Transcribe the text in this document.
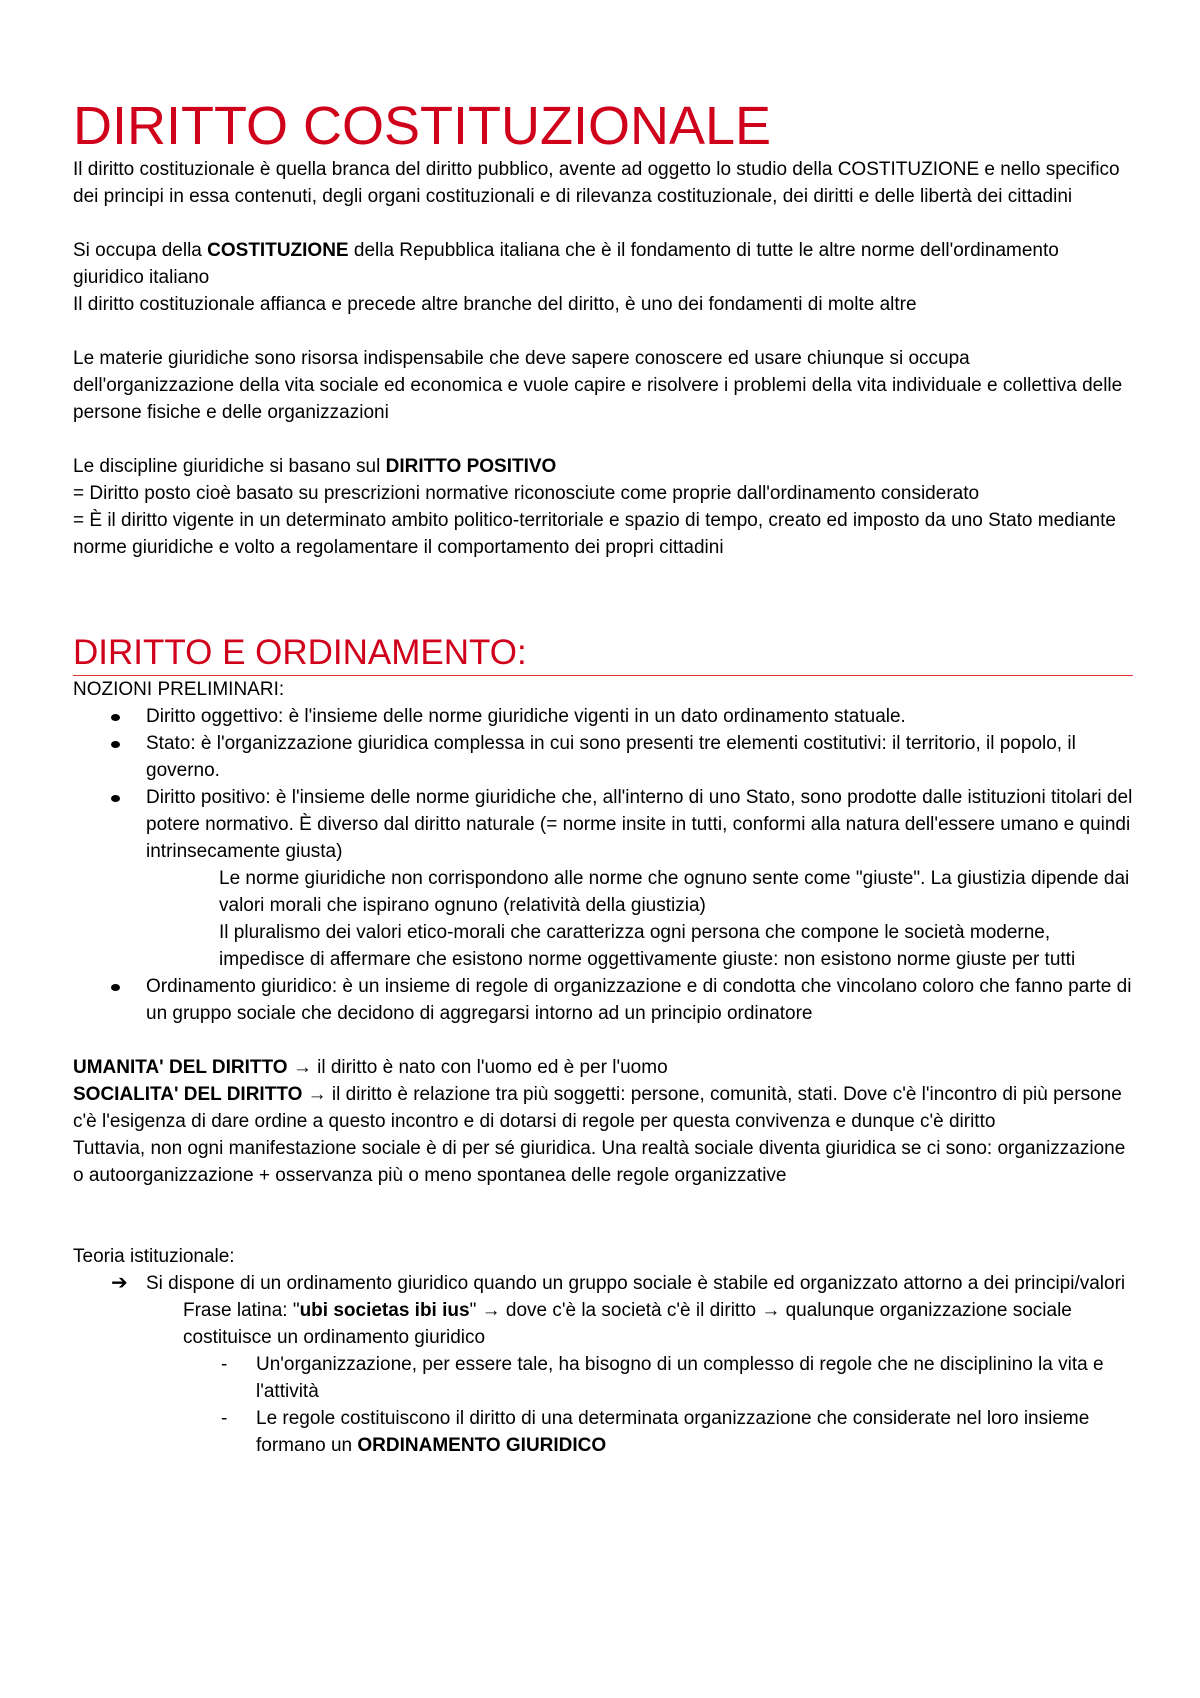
DIRITTO COSTITUZIONALE

Il diritto costituzionale è quella branca del diritto pubblico, avente ad oggetto lo studio della COSTITUZIONE e nello specifico dei principi in essa contenuti, degli organi costituzionali e di rilevanza costituzionale, dei diritti e delle libertà dei cittadini

Si occupa della COSTITUZIONE della Repubblica italiana che è il fondamento di tutte le altre norme dell'ordinamento giuridico italiano

Il diritto costituzionale affianca e precede altre branche del diritto, è uno dei fondamenti di molte altre

Le materie giuridiche sono risorsa indispensabile che deve sapere conoscere ed usare chiunque si occupa dell'organizzazione della vita sociale ed economica e vuole capire e risolvere i problemi della vita individuale e collettiva delle persone fisiche e delle organizzazioni

Le discipline giuridiche si basano sul DIRITTO POSITIVO

= Diritto posto cioè basato su prescrizioni normative riconosciute come proprie dall'ordinamento considerato

= È il diritto vigente in un determinato ambito politico-territoriale e spazio di tempo, creato ed imposto da uno Stato mediante norme giuridiche e volto a regolamentare il comportamento dei propri cittadini

DIRITTO E ORDINAMENTO:

NOZIONI PRELIMINARI:

Diritto oggettivo: è l'insieme delle norme giuridiche vigenti in un dato ordinamento statuale.
Stato: è l'organizzazione giuridica complessa in cui sono presenti tre elementi costitutivi: il territorio, il popolo, il governo.
Diritto positivo: è l'insieme delle norme giuridiche che, all'interno di uno Stato, sono prodotte dalle istituzioni titolari del potere normativo. È diverso dal diritto naturale (= norme insite in tutti, conformi alla natura dell'essere umano e quindi intrinsecamente giusta)

Le norme giuridiche non corrispondono alle norme che ognuno sente come "giuste". La giustizia dipende dai valori morali che ispirano ognuno (relatività della giustizia)

Il pluralismo dei valori etico-morali che caratterizza ogni persona che compone le società moderne, impedisce di affermare che esistono norme oggettivamente giuste: non esistono norme giuste per tutti

Ordinamento giuridico: è un insieme di regole di organizzazione e di condotta che vincolano coloro che fanno parte di un gruppo sociale che decidono di aggregarsi intorno ad un principio ordinatore

UMANITA' DEL DIRITTO → il diritto è nato con l'uomo ed è per l'uomo

SOCIALITA' DEL DIRITTO → il diritto è relazione tra più soggetti: persone, comunità, stati. Dove c'è l'incontro di più persone c'è l'esigenza di dare ordine a questo incontro e di dotarsi di regole per questa convivenza e dunque c'è diritto

Tuttavia, non ogni manifestazione sociale è di per sé giuridica. Una realtà sociale diventa giuridica se ci sono: organizzazione o autoorganizzazione + osservanza più o meno spontanea delle regole organizzative

Teoria istituzionale:

➔ Si dispone di un ordinamento giuridico quando un gruppo sociale è stabile ed organizzato attorno a dei principi/valori

Frase latina: "ubi societas ibi ius" → dove c'è la società c'è il diritto → qualunque organizzazione sociale costituisce un ordinamento giuridico

- Un'organizzazione, per essere tale, ha bisogno di un complesso di regole che ne disciplinino la vita e l'attività
- Le regole costituiscono il diritto di una determinata organizzazione che considerate nel loro insieme formano un ORDINAMENTO GIURIDICO
